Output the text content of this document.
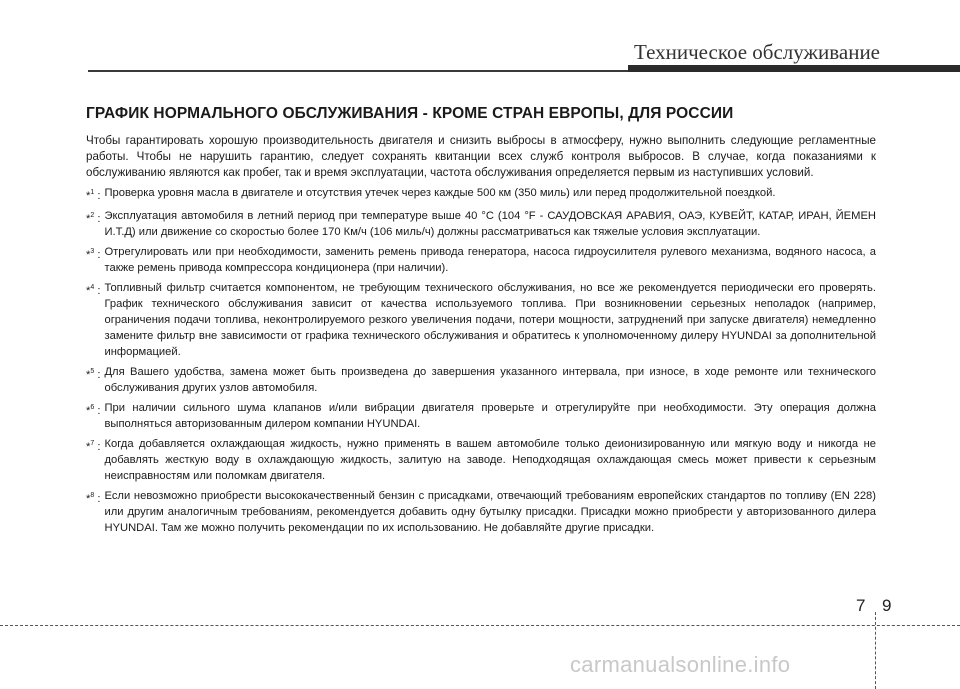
Техническое обслуживание
ГРАФИК НОРМАЛЬНОГО ОБСЛУЖИВАНИЯ - КРОМЕ СТРАН ЕВРОПЫ, ДЛЯ РОССИИ

Чтобы гарантировать хорошую производительность двигателя и снизить выбросы в атмосферу, нужно выполнить следующие регламентные работы. Чтобы не нарушить гарантию, следует сохранять квитанции всех служб контроля выбросов. В случае, когда показаниями к обслуживанию являются как пробег, так и время эксплуатации, частота обслуживания определяется первым из наступивших условий.

*$^1$ : Проверка уровня масла в двигателе и отсутствия утечек через каждые 500 км (350 миль) или перед продолжительной поездкой.
*$^2$ : Эксплуатация автомобиля в летний период при температуре выше 40 °С (104 °F - САУДОВСКАЯ АРАВИЯ, ОАЭ, КУВЕЙТ, КАТАР, ИРАН, ЙЕМЕН И.Т.Д) или движение со скоростью более 170 Км/ч (106 миль/ч) должны рассматриваться как тяжелые условия эксплуатации.
*$^3$ : Отрегулировать или при необходимости, заменить ремень привода генератора, насоса гидроусилителя рулевого механизма, водяного насоса, а также ремень привода компрессора кондиционера (при наличии).
*$^4$ : Топливный фильтр считается компонентом, не требующим технического обслуживания, но все же рекомендуется периодически его проверять. График технического обслуживания зависит от качества используемого топлива. При возникновении серьезных неполадок (например, ограничения подачи топлива, неконтролируемого резкого увеличения подачи, потери мощности, затруднений при запуске двигателя) немедленно замените фильтр вне зависимости от графика технического обслуживания и обратитесь к уполномоченному дилеру HYUNDAI за дополнительной информацией.
*$^5$ : Для Вашего удобства, замена может быть произведена до завершения указанного интервала, при износе, в ходе ремонте или технического обслуживания других узлов автомобиля.
*$^6$ : При наличии сильного шума клапанов и/или вибрации двигателя проверьте и отрегулируйте при необходимости. Эту операция должна выполняться авторизованным дилером компании HYUNDAI.
*$^7$ : Когда добавляется охлаждающая жидкость, нужно применять в вашем автомобиле только деионизированную или мягкую воду и никогда не добавлять жесткую воду в охлаждающую жидкость, залитую на заводе. Неподходящая охлаждающая смесь может привести к серьезным неисправностям или поломкам двигателя.
*$^8$ : Если невозможно приобрести высококачественный бензин с присадками, отвечающий требованиям европейских стандартов по топливу (EN 228) или другим аналогичным требованиям, рекомендуется добавить одну бутылку присадки. Присадки можно приобрести у авторизованного дилера HYUNDAI. Там же можно получить рекомендации по их использованию. Не добавляйте другие присадки.
7 9
carmanualsonline.info
